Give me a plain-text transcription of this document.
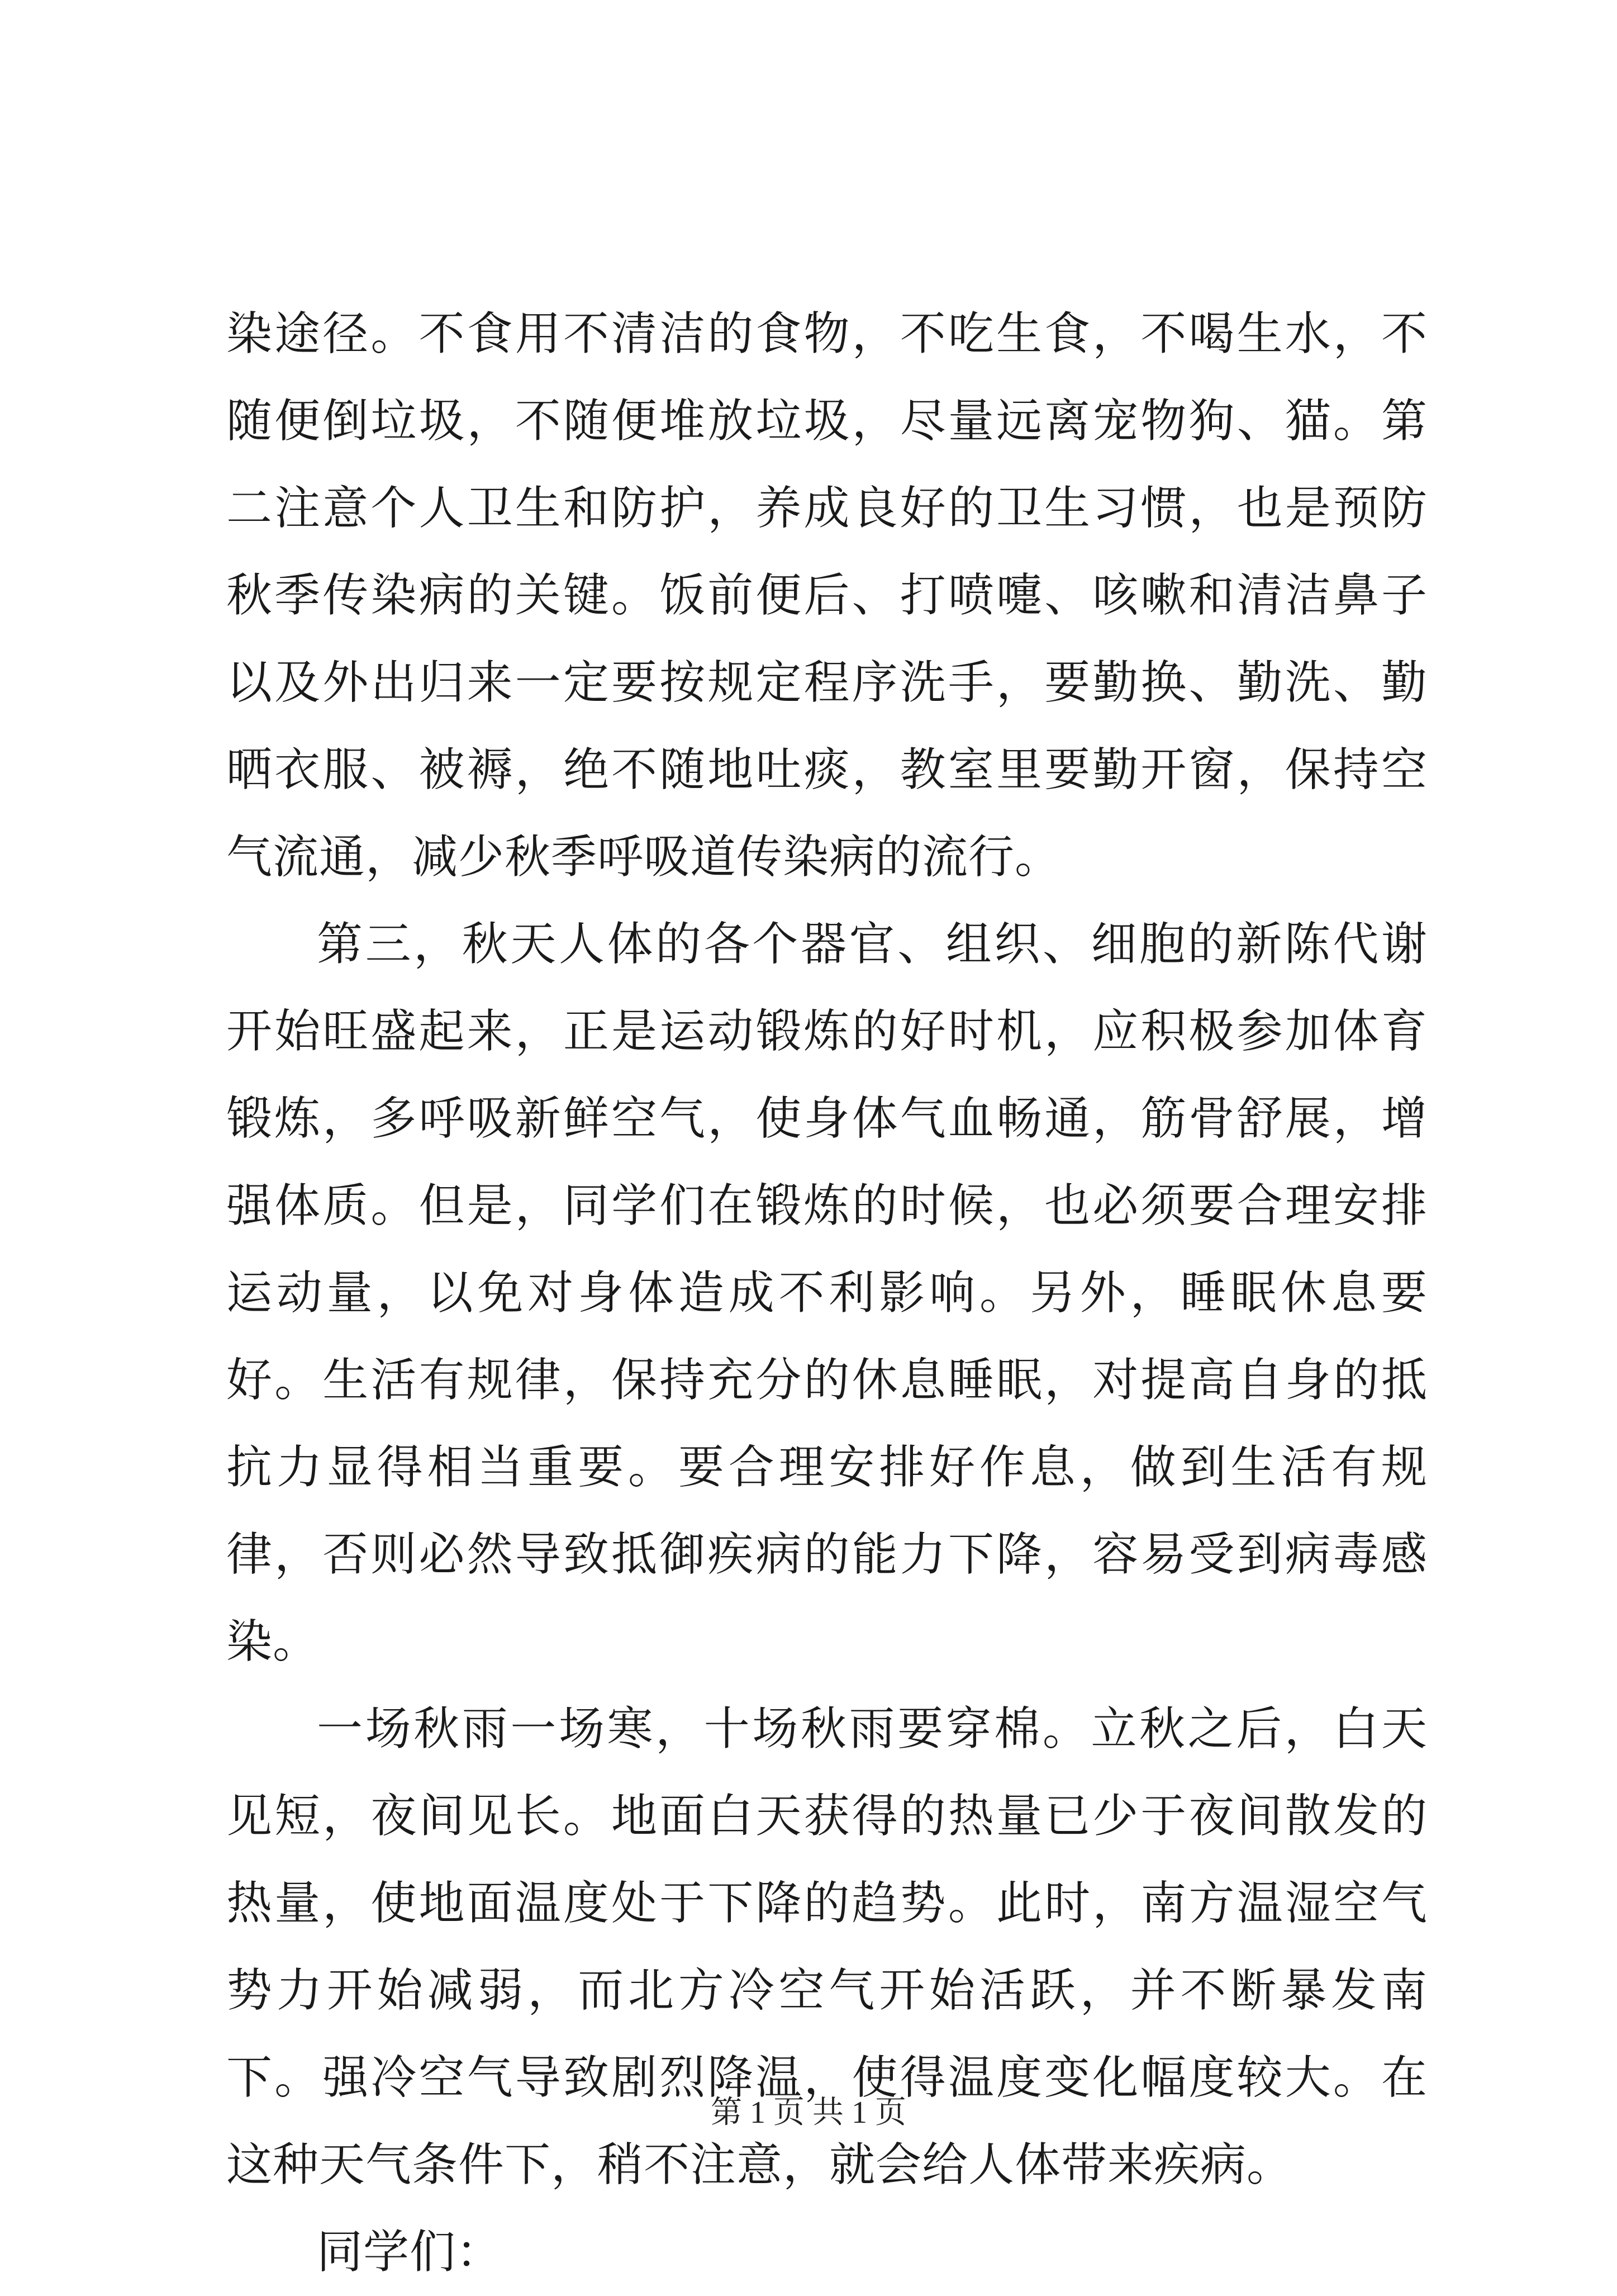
染途径。不食用不清洁的食物，不吃生食，不喝生水，不随便倒垃圾，不随便堆放垃圾，尽量远离宠物狗、猫。第二注意个人卫生和防护，养成良好的卫生习惯，也是预防秋季传染病的关键。饭前便后、打喷嚏、咳嗽和清洁鼻子以及外出归来一定要按规定程序洗手，要勤换、勤洗、勤晒衣服、被褥，绝不随地吐痰，教室里要勤开窗，保持空气流通，减少秋季呼吸道传染病的流行。

第三，秋天人体的各个器官、组织、细胞的新陈代谢开始旺盛起来，正是运动锻炼的好时机，应积极参加体育锻炼，多呼吸新鲜空气，使身体气血畅通，筋骨舒展，增强体质。但是，同学们在锻炼的时候，也必须要合理安排运动量，以免对身体造成不利影响。另外，睡眠休息要好。生活有规律，保持充分的休息睡眠，对提高自身的抵抗力显得相当重要。要合理安排好作息，做到生活有规律，否则必然导致抵御疾病的能力下降，容易受到病毒感染。

一场秋雨一场寒，十场秋雨要穿棉。立秋之后，白天见短，夜间见长。地面白天获得的热量已少于夜间散发的热量，使地面温度处于下降的趋势。此时，南方温湿空气势力开始减弱，而北方冷空气开始活跃，并不断暴发南下。强冷空气导致剧烈降温，使得温度变化幅度较大。在这种天气条件下，稍不注意，就会给人体带来疾病。

同学们：

第 1 页 共 1 页
